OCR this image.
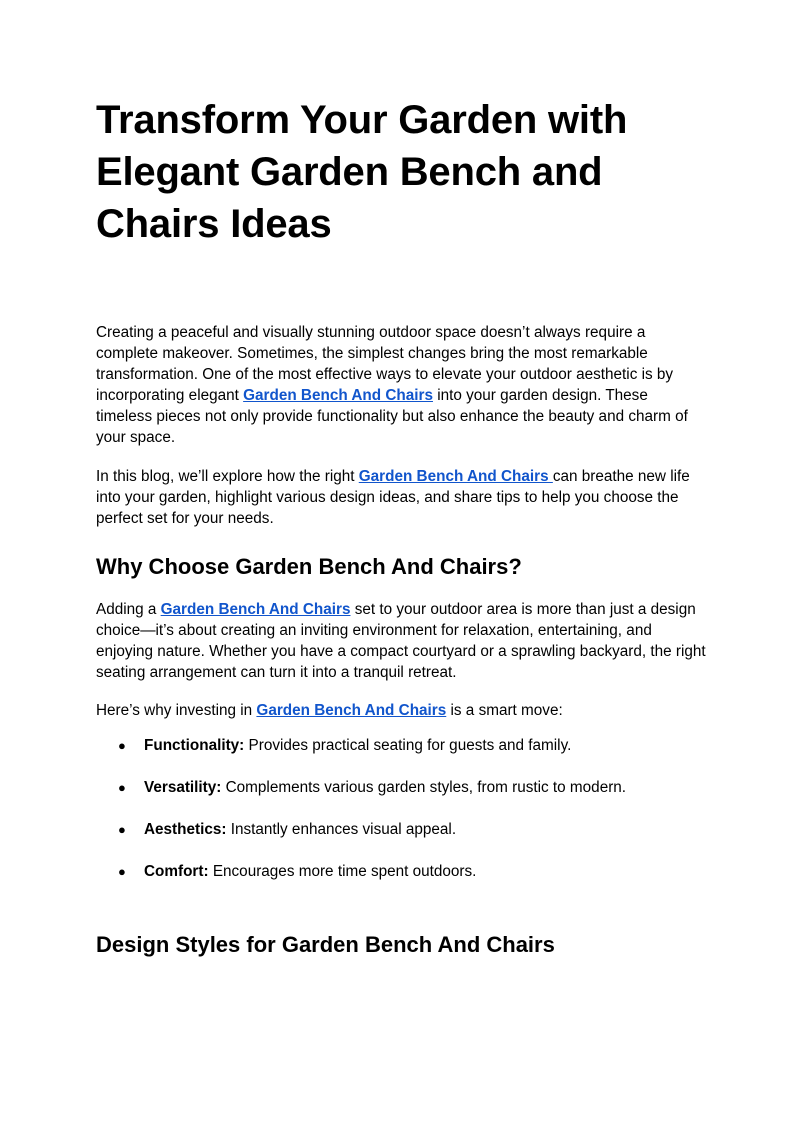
Transform Your Garden with
Elegant Garden Bench and
Chairs Ideas

Creating a peaceful and visually stunning outdoor space doesn’t always require a complete makeover. Sometimes, the simplest changes bring the most remarkable transformation. One of the most effective ways to elevate your outdoor aesthetic is by incorporating elegant Garden Bench And Chairs into your garden design. These timeless pieces not only provide functionality but also enhance the beauty and charm of your space.

In this blog, we’ll explore how the right Garden Bench And Chairs can breathe new life into your garden, highlight various design ideas, and share tips to help you choose the perfect set for your needs.

Why Choose Garden Bench And Chairs?

Adding a Garden Bench And Chairs set to your outdoor area is more than just a design choice—it’s about creating an inviting environment for relaxation, entertaining, and enjoying nature. Whether you have a compact courtyard or a sprawling backyard, the right seating arrangement can turn it into a tranquil retreat.

Here’s why investing in Garden Bench And Chairs is a smart move:

● Functionality: Provides practical seating for guests and family.
● Versatility: Complements various garden styles, from rustic to modern.
● Aesthetics: Instantly enhances visual appeal.
● Comfort: Encourages more time spent outdoors.
Design Styles for Garden Bench And Chairs
